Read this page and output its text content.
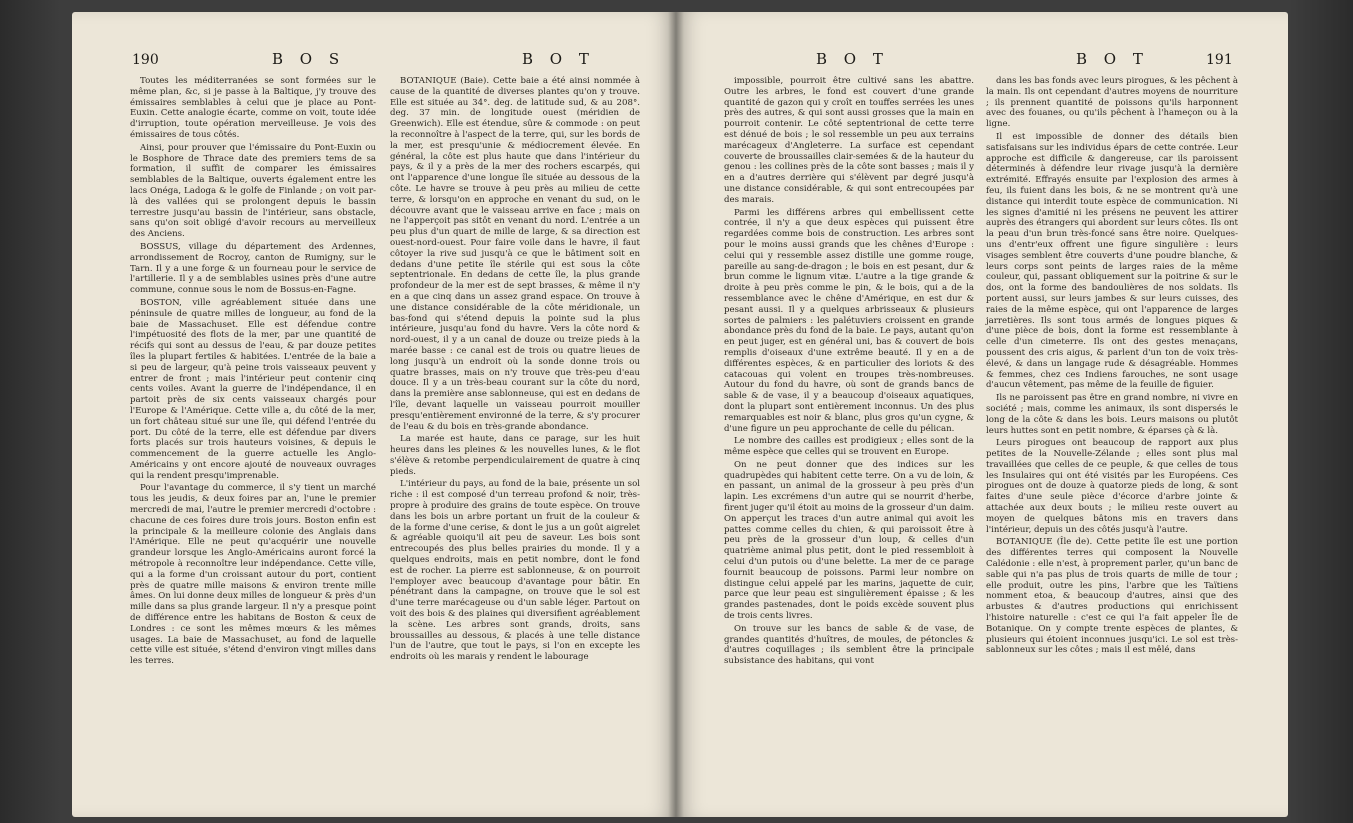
190	B O S	B O T

Toutes les méditerranées se sont formées sur le même plan, &c, si je passe à la Baltique, j'y trouve des émissaires semblables à celui que je place au Pont-Euxin. Cette analogie écarte, comme on voit, toute idée d'irruption, toute opération merveilleuse. Je vois des émissaires de tous côtés.

Ainsi, pour prouver que l'émissaire du Pont-Euxin ou le Bosphore de Thrace date des premiers tems de sa formation, il suffit de comparer les émissaires semblables de la Baltique, ouverts également entre les lacs Onéga, Ladoga & le golfe de Finlande ; on voit par-là des vallées qui se prolongent depuis le bassin terrestre jusqu'au bassin de l'intérieur, sans obstacle, sans qu'on soit obligé d'avoir recours au merveilleux des Anciens.

BOSSUS, village du département des Ardennes, arrondissement de Rocroy, canton de Rumigny, sur le Tarn. Il y a une forge & un fourneau pour le service de l'artillerie. Il y a de semblables usines près d'une autre commune, connue sous le nom de Bossus-en-Fagne.

BOSTON, ville agréablement située dans une péninsule de quatre milles de longueur, au fond de la baie de Massachuset. Elle est défendue contre l'impétuosité des flots de la mer, par une quantité de récifs qui sont au dessus de l'eau, & par douze petites îles la plupart fertiles & habitées. L'entrée de la baie a si peu de largeur, qu'à peine trois vaisseaux peuvent y entrer de front ; mais l'intérieur peut contenir cinq cents voiles. Avant la guerre de l'indépendance, il en partoit près de six cents vaisseaux chargés pour l'Europe & l'Amérique. Cette ville a, du côté de la mer, un fort château situé sur une île, qui défend l'entrée du port. Du côté de la terre, elle est défendue par divers forts placés sur trois hauteurs voisines, & depuis le commencement de la guerre actuelle les Anglo-Américains y ont encore ajouté de nouveaux ouvrages qui la rendent presqu'imprenable.

Pour l'avantage du commerce, il s'y tient un marché tous les jeudis, & deux foires par an, l'une le premier mercredi de mai, l'autre le premier mercredi d'octobre : chacune de ces foires dure trois jours. Boston enfin est la principale & la meilleure colonie des Anglais dans l'Amérique. Elle ne peut qu'acquérir une nouvelle grandeur lorsque les Anglo-Américains auront forcé la métropole à reconnoître leur indépendance. Cette ville, qui a la forme d'un croissant autour du port, contient près de quatre mille maisons & environ trente mille âmes. On lui donne deux milles de longueur & près d'un mille dans sa plus grande largeur. Il n'y a presque point de différence entre les habitans de Boston & ceux de Londres : ce sont les mêmes mœurs & les mêmes usages. La baie de Massachuset, au fond de laquelle cette ville est située, s'étend d'environ vingt milles dans les terres.

BOTANIQUE (Baie). Cette baie a été ainsi nommée à cause de la quantité de diverses plantes qu'on y trouve. Elle est située au 34°. deg. de latitude sud, & au 208°. deg. 37 min. de longitude ouest (méridien de Greenwich). Elle est étendue, sûre & commode : on peut la reconnoître à l'aspect de la terre, qui, sur les bords de la mer, est presqu'unie & médiocrement élevée. En général, la côte est plus haute que dans l'intérieur du pays, & il y a près de la mer des rochers escarpés, qui ont l'apparence d'une longue île située au dessous de la côte. Le havre se trouve à peu près au milieu de cette terre, & lorsqu'on en approche en venant du sud, on le découvre avant que le vaisseau arrive en face ; mais on ne l'apperçoit pas sitôt en venant du nord. L'entrée a un peu plus d'un quart de mille de large, & sa direction est ouest-nord-ouest. Pour faire voile dans le havre, il faut côtoyer la rive sud jusqu'à ce que le bâtiment soit en dedans d'une petite île stérile qui est sous la côte septentrionale. En dedans de cette île, la plus grande profondeur de la mer est de sept brasses, & même il n'y en a que cinq dans un assez grand espace. On trouve à une distance considérable de la côte méridionale, un bas-fond qui s'étend depuis la pointe sud la plus intérieure, jusqu'au fond du havre. Vers la côte nord & nord-ouest, il y a un canal de douze ou treize pieds à la marée basse : ce canal est de trois ou quatre lieues de long jusqu'à un endroit où la sonde donne trois ou quatre brasses, mais on n'y trouve que très-peu d'eau douce. Il y a un très-beau courant sur la côte du nord, dans la première anse sablonneuse, qui est en dedans de l'île, devant laquelle un vaisseau pourroit mouiller presqu'entièrement environné de la terre, & s'y procurer de l'eau & du bois en très-grande abondance.

La marée est haute, dans ce parage, sur les huit heures dans les pleines & les nouvelles lunes, & le flot s'élève & retombe perpendiculairement de quatre à cinq pieds.

L'intérieur du pays, au fond de la baie, présente un sol riche : il est composé d'un terreau profond & noir, très-propre à produire des grains de toute espèce. On trouve dans les bois un arbre portant un fruit de la couleur & de la forme d'une cerise, & dont le jus a un goût aigrelet & agréable quoiqu'il ait peu de saveur. Les bois sont entrecoupés des plus belles prairies du monde. Il y a quelques endroits, mais en petit nombre, dont le fond est de rocher. La pierre est sablonneuse, & on pourroit l'employer avec beaucoup d'avantage pour bâtir. En pénétrant dans la campagne, on trouve que le sol est d'une terre marécageuse ou d'un sable léger. Partout on voit des bois & des plaines qui diversifient agréablement la scène. Les arbres sont grands, droits, sans broussailles au dessous, & placés à une telle distance l'un de l'autre, que tout le pays, si l'on en excepte les endroits où les marais y rendent le labourage

B O T	B O T	191

impossible, pourroit être cultivé sans les abattre. Outre les arbres, le fond est couvert d'une grande quantité de gazon qui y croît en touffes serrées les unes près des autres, & qui sont aussi grosses que la main en pourroit contenir. Le côté septentrional de cette terre est dénué de bois ; le sol ressemble un peu aux terrains marécageux d'Angleterre. La surface est cependant couverte de broussailles clair-semées & de la hauteur du genou : les collines près de la côte sont basses ; mais il y en a d'autres derrière qui s'élèvent par degré jusqu'à une distance considérable, & qui sont entrecoupées par des marais.

Parmi les différens arbres qui embellissent cette contrée, il n'y a que deux espèces qui puissent être regardées comme bois de construction. Les arbres sont pour le moins aussi grands que les chênes d'Europe : celui qui y ressemble assez distille une gomme rouge, pareille au sang-de-dragon ; le bois en est pesant, dur & brun comme le lignum vitæ. L'autre a la tige grande & droite à peu près comme le pin, & le bois, qui a de la ressemblance avec le chêne d'Amérique, en est dur & pesant aussi. Il y a quelques arbrisseaux & plusieurs sortes de palmiers : les palétuviers croissent en grande abondance près du fond de la baie. Le pays, autant qu'on en peut juger, est en général uni, bas & couvert de bois remplis d'oiseaux d'une extrême beauté. Il y en a de différentes espèces, & en particulier des loriots & des catacouas qui volent en troupes très-nombreuses. Autour du fond du havre, où sont de grands bancs de sable & de vase, il y a beaucoup d'oiseaux aquatiques, dont la plupart sont entièrement inconnus. Un des plus remarquables est noir & blanc, plus gros qu'un cygne, & d'une figure un peu approchante de celle du pélican.

Le nombre des cailles est prodigieux ; elles sont de la même espèce que celles qui se trouvent en Europe.

On ne peut donner que des indices sur les quadrupèdes qui habitent cette terre. On a vu de loin, & en passant, un animal de la grosseur à peu près d'un lapin. Les excrémens d'un autre qui se nourrit d'herbe, firent juger qu'il étoit au moins de la grosseur d'un daim. On apperçut les traces d'un autre animal qui avoit les pattes comme celles du chien, & qui paroissoit être à peu près de la grosseur d'un loup, & celles d'un quatrième animal plus petit, dont le pied ressembloit à celui d'un putois ou d'une belette. La mer de ce parage fournit beaucoup de poissons. Parmi leur nombre on distingue celui appelé par les marins, jaquette de cuir, parce que leur peau est singulièrement épaisse ; & les grandes pastenades, dont le poids excède souvent plus de trois cents livres.

On trouve sur les bancs de sable & de vase, de grandes quantités d'huîtres, de moules, de pétoncles & d'autres coquillages ; ils semblent être la principale subsistance des habitans, qui vont

dans les bas fonds avec leurs pirogues, & les pêchent à la main. Ils ont cependant d'autres moyens de nourriture ; ils prennent quantité de poissons qu'ils harponnent avec des fouanes, ou qu'ils pêchent à l'hameçon ou à la ligne.

Il est impossible de donner des détails bien satisfaisans sur les individus épars de cette contrée. Leur approche est difficile & dangereuse, car ils paroissent déterminés à défendre leur rivage jusqu'à la dernière extrémité. Effrayés ensuite par l'explosion des armes à feu, ils fuient dans les bois, & ne se montrent qu'à une distance qui interdit toute espèce de communication. Ni les signes d'amitié ni les présens ne peuvent les attirer auprès des étrangers qui abordent sur leurs côtes. Ils ont la peau d'un brun très-foncé sans être noire. Quelques-uns d'entr'eux offrent une figure singulière : leurs visages semblent être couverts d'une poudre blanche, & leurs corps sont peints de larges raies de la même couleur, qui, passant obliquement sur la poitrine & sur le dos, ont la forme des bandoulières de nos soldats. Ils portent aussi, sur leurs jambes & sur leurs cuisses, des raies de la même espèce, qui ont l'apparence de larges jarretières. Ils sont tous armés de longues piques & d'une pièce de bois, dont la forme est ressemblante à celle d'un cimeterre. Ils ont des gestes menaçans, poussent des cris aigus, & parlent d'un ton de voix très-élevé, & dans un langage rude & désagréable. Hommes & femmes, chez ces Indiens farouches, ne sont usage d'aucun vêtement, pas même de la feuille de figuier.

Ils ne paroissent pas être en grand nombre, ni vivre en société ; mais, comme les animaux, ils sont dispersés le long de la côte & dans les bois. Leurs maisons ou plutôt leurs huttes sont en petit nombre, & éparses çà & là.

Leurs pirogues ont beaucoup de rapport aux plus petites de la Nouvelle-Zélande ; elles sont plus mal travaillées que celles de ce peuple, & que celles de tous les Insulaires qui ont été visités par les Européens. Ces pirogues ont de douze à quatorze pieds de long, & sont faites d'une seule pièce d'écorce d'arbre jointe & attachée aux deux bouts ; le milieu reste ouvert au moyen de quelques bâtons mis en travers dans l'intérieur, depuis un des côtés jusqu'à l'autre.

BOTANIQUE (Île de). Cette petite île est une portion des différentes terres qui composent la Nouvelle Calédonie : elle n'est, à proprement parler, qu'un banc de sable qui n'a pas plus de trois quarts de mille de tour ; elle produit, outre les pins, l'arbre que les Taïtiens nomment etoa, & beaucoup d'autres, ainsi que des arbustes & d'autres productions qui enrichissent l'histoire naturelle : c'est ce qui l'a fait appeler Île de Botanique. On y compte trente espèces de plantes, & plusieurs qui étoient inconnues jusqu'ici. Le sol est très-sablonneux sur les côtes ; mais il est mêlé, dans
